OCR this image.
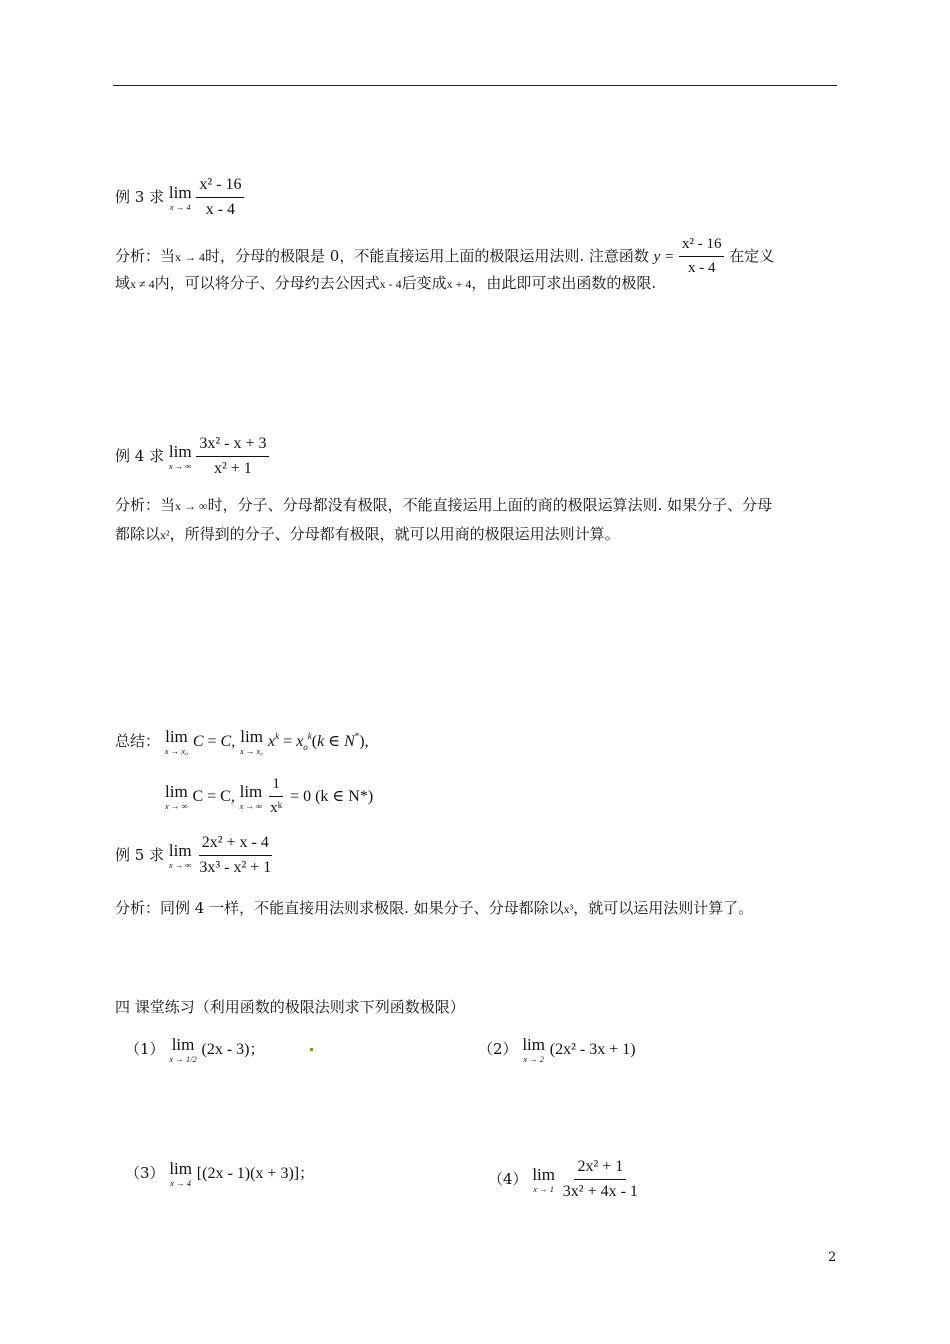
例 3 求 lim
x → 4
$\frac{\text{x² - 16}}{x - 4}$
分析：当x → 4时，分母的极限是 0，不能直接运用上面的极限运用法则. 注意函数 $y = \frac{\text{x² - 16}}{x - 4}$ 在定义
域x ≠ 4内，可以将分子、分母约去公因式x - 4后变成x + 4，由此即可求出函数的极限.
例 4 求 lim
x → ∞
$\frac{\text{3x² - x + 3}}{\text{x² + 1}}$
分析：当x → ∞时，分子、分母都没有极限，不能直接运用上面的商的极限运算法则. 如果分子、分母
都除以x²，所得到的分子、分母都有极限，就可以用商的极限运用法则计算。
总结： lim
x → x₀
C = C, lim
x → x₀
$x^k = x_o^k(k$ ∈ N*),
lim
x → ∞
C = C, lim
x → ∞
$\frac{1}{\text{xᵏ}} = 0$ (k ∈ N*)
例 5 求 lim
x → ∞
$\frac{\text{2x² + x - 4}}{\text{3x³ - x² + 1}}$
分析：同例 4 一样，不能直接用法则求极限. 如果分子、分母都除以x³，就可以运用法则计算了。
四 课堂练习（利用函数的极限法则求下列函数极限）
（1） lim
x → 1/2
(2x - 3)；	（2） lim
x → 2
(2x² - 3x + 1)
（3） lim
x → 4
[(2x - 1)(x + 3)]；	（4） lim
x → 1
$\frac{\text{2x² + 1}}{\text{3x² + 4x - 1}}$
2
